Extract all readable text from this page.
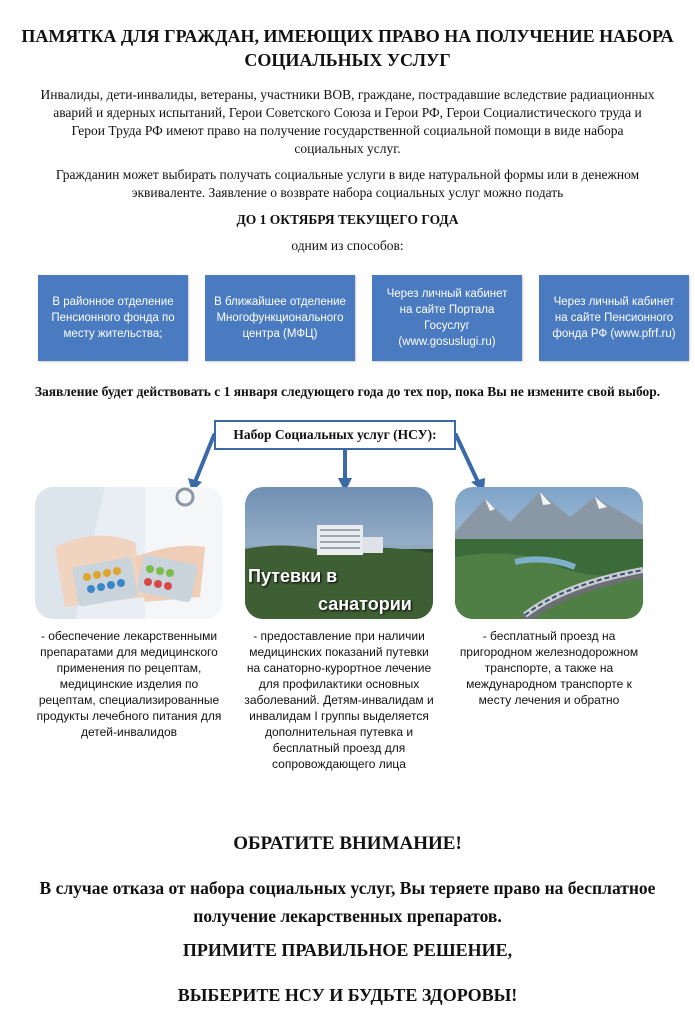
ПАМЯТКА ДЛЯ ГРАЖДАН, ИМЕЮЩИХ ПРАВО НА ПОЛУЧЕНИЕ НАБОРА СОЦИАЛЬНЫХ УСЛУГ
Инвалиды, дети-инвалиды, ветераны, участники ВОВ, граждане, пострадавшие вследствие радиационных аварий и ядерных испытаний, Герои Советского Союза и Герои РФ, Герои Социалистического труда и Герои Труда РФ имеют право на получение государственной социальной помощи в виде набора социальных услуг.
Гражданин может выбирать получать социальные услуги в виде натуральной формы или в денежном эквиваленте. Заявление о возврате набора социальных услуг можно подать
ДО 1 ОКТЯБРЯ ТЕКУЩЕГО ГОДА
одним из способов:
В районное отделение Пенсионного фонда по месту жительства;
В ближайшее отделение Многофункционального центра (МФЦ)
Через личный кабинет на сайте Портала Госуслуг (www.gosuslugi.ru)
Через личный кабинет на сайте Пенсионного фонда РФ (www.pfrf.ru)
Заявление будет действовать с 1 января следующего года до тех пор, пока Вы не измените свой выбор.
Набор Социальных услуг (НСУ):
Путевки в
санатории
- обеспечение лекарственными препаратами для медицинского применения по рецептам, медицинские изделия по рецептам, специализированные продукты лечебного питания для детей-инвалидов
- предоставление при наличии медицинских показаний путевки на санаторно-курортное лечение для профилактики основных заболеваний. Детям-инвалидам и инвалидам I группы выделяется дополнительная путевка и бесплатный проезд для сопровождающего лица
- бесплатный проезд на пригородном железнодорожном транспорте, а также на международном транспорте к месту лечения и обратно
ОБРАТИТЕ ВНИМАНИЕ!
В случае отказа от набора социальных услуг, Вы теряете право на бесплатное получение лекарственных препаратов.
ПРИМИТЕ ПРАВИЛЬНОЕ РЕШЕНИЕ,
ВЫБЕРИТЕ НСУ И БУДЬТЕ ЗДОРОВЫ!
